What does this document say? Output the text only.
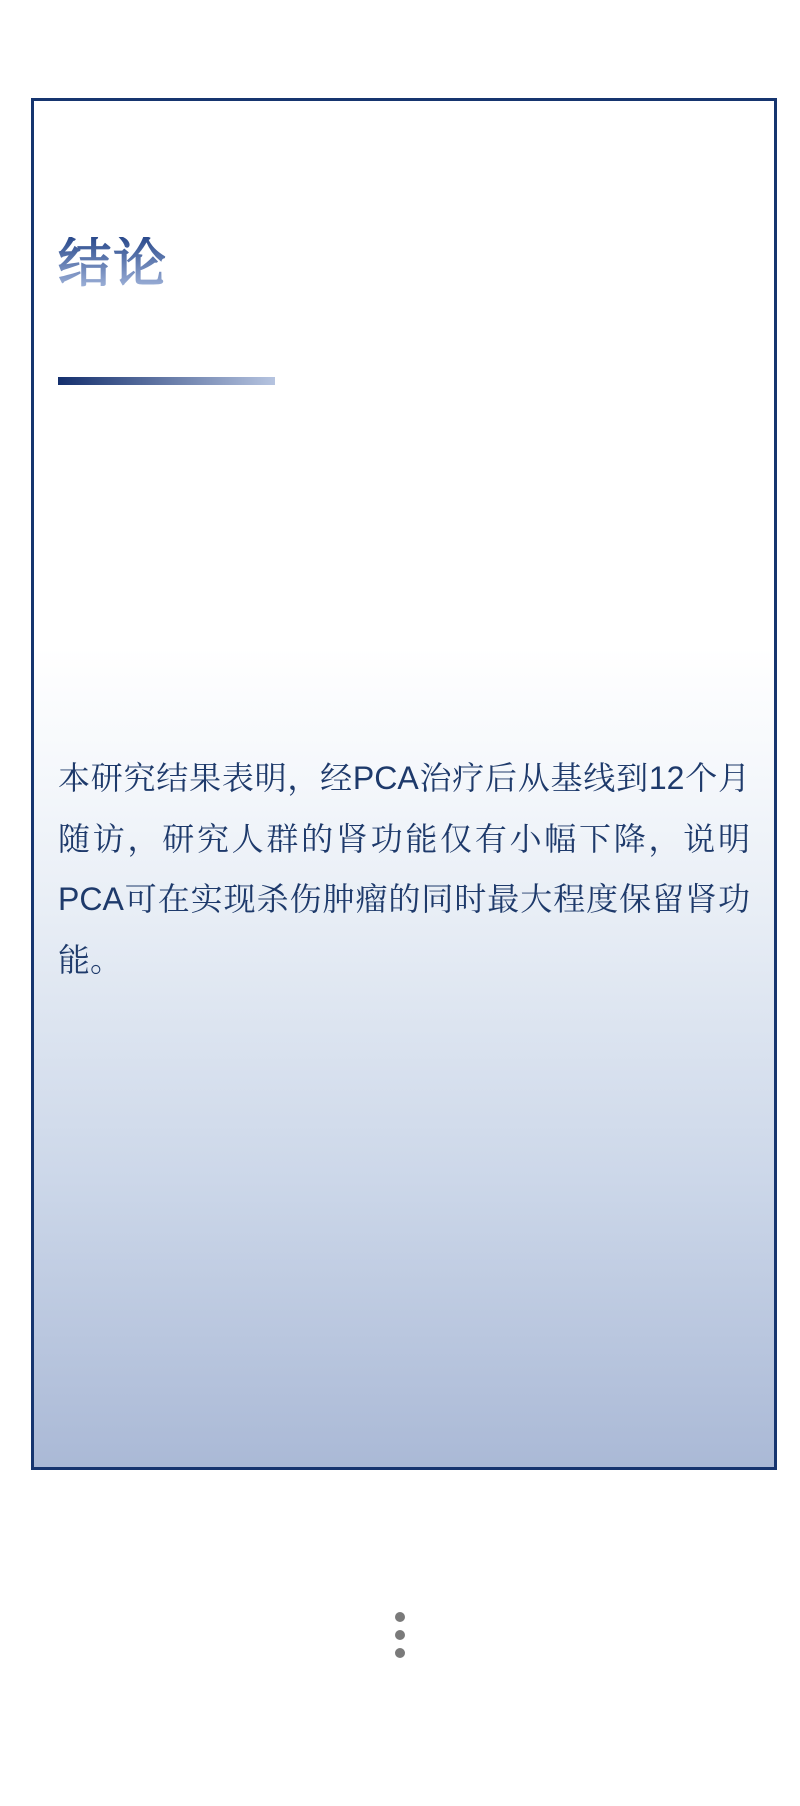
结论

本研究结果表明，经PCA治疗后从基线到12个月随访，研究人群的肾功能仅有小幅下降，说明PCA可在实现杀伤肿瘤的同时最大程度保留肾功能。
